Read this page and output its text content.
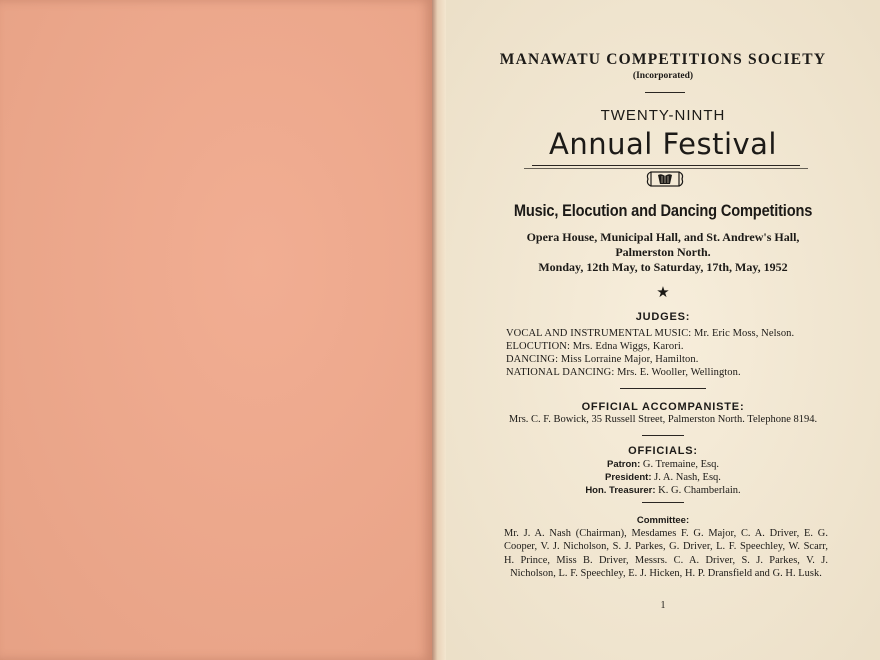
MANAWATU COMPETITIONS SOCIETY
(Incorporated)
TWENTY-NINTH
Annual Festival
Music, Elocution and Dancing Competitions
Opera House, Municipal Hall, and St. Andrew's Hall,
Palmerston North.
Monday, 12th May, to Saturday, 17th, May, 1952
★
JUDGES:
VOCAL AND INSTRUMENTAL MUSIC: Mr. Eric Moss, Nelson.
ELOCUTION: Mrs. Edna Wiggs, Karori.
DANCING: Miss Lorraine Major, Hamilton.
NATIONAL DANCING: Mrs. E. Wooller, Wellington.
OFFICIAL ACCOMPANISTE:
Mrs. C. F. Bowick, 35 Russell Street, Palmerston North. Telephone 8194.
OFFICIALS:
Patron: G. Tremaine, Esq.
President: J. A. Nash, Esq.
Hon. Treasurer: K. G. Chamberlain.
Committee:
Mr. J. A. Nash (Chairman), Mesdames F. G. Major, C. A. Driver, E. G. Cooper, V. J. Nicholson, S. J. Parkes, G. Driver, L. F. Speechley, W. Scarr, H. Prince, Miss B. Driver, Messrs. C. A. Driver, S. J. Parkes, V. J. Nicholson, L. F. Speechley, E. J. Hicken, H. P. Dransfield and G. H. Lusk.
1
